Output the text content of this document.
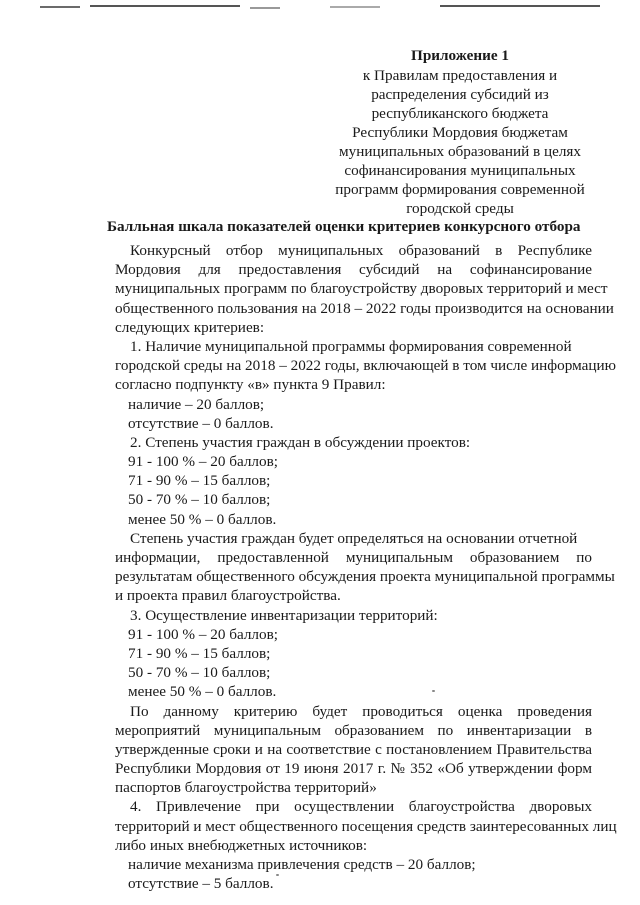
Приложение 1
к Правилам предоставления и
распределения субсидий из
республиканского бюджета
Республики Мордовия бюджетам
муниципальных образований в целях
софинансирования муниципальных
программ формирования современной
городской среды
Балльная шкала показателей оценки критериев конкурсного отбора
Конкурсный отбор муниципальных образований в Республике
Мордовия для предоставления субсидий на софинансирование
муниципальных программ по благоустройству дворовых территорий и мест
общественного пользования на 2018 – 2022 годы производится на основании
следующих критериев:
1. Наличие муниципальной программы формирования современной
городской среды на 2018 – 2022 годы, включающей в том числе информацию
согласно подпункту «в» пункта 9 Правил:
наличие – 20 баллов;
отсутствие – 0 баллов.
2. Степень участия граждан в обсуждении проектов:
91 - 100 % – 20 баллов;
71 - 90 % – 15 баллов;
50 - 70 % – 10 баллов;
менее 50 % – 0 баллов.
Степень участия граждан будет определяться на основании отчетной
информации, предоставленной муниципальным образованием по
результатам общественного обсуждения проекта муниципальной программы
и проекта правил благоустройства.
3. Осуществление инвентаризации территорий:
91 - 100 % – 20 баллов;
71 - 90 % – 15 баллов;
50 - 70 % – 10 баллов;
менее 50 % – 0 баллов.
По данному критерию будет проводиться оценка проведения
мероприятий муниципальным образованием по инвентаризации в
утвержденные сроки и на соответствие с постановлением Правительства
Республики Мордовия от 19 июня 2017 г. № 352 «Об утверждении форм
паспортов благоустройства территорий»
4. Привлечение при осуществлении благоустройства дворовых
территорий и мест общественного посещения средств заинтересованных лиц
либо иных внебюджетных источников:
наличие механизма привлечения средств – 20 баллов;
отсутствие – 5 баллов.
